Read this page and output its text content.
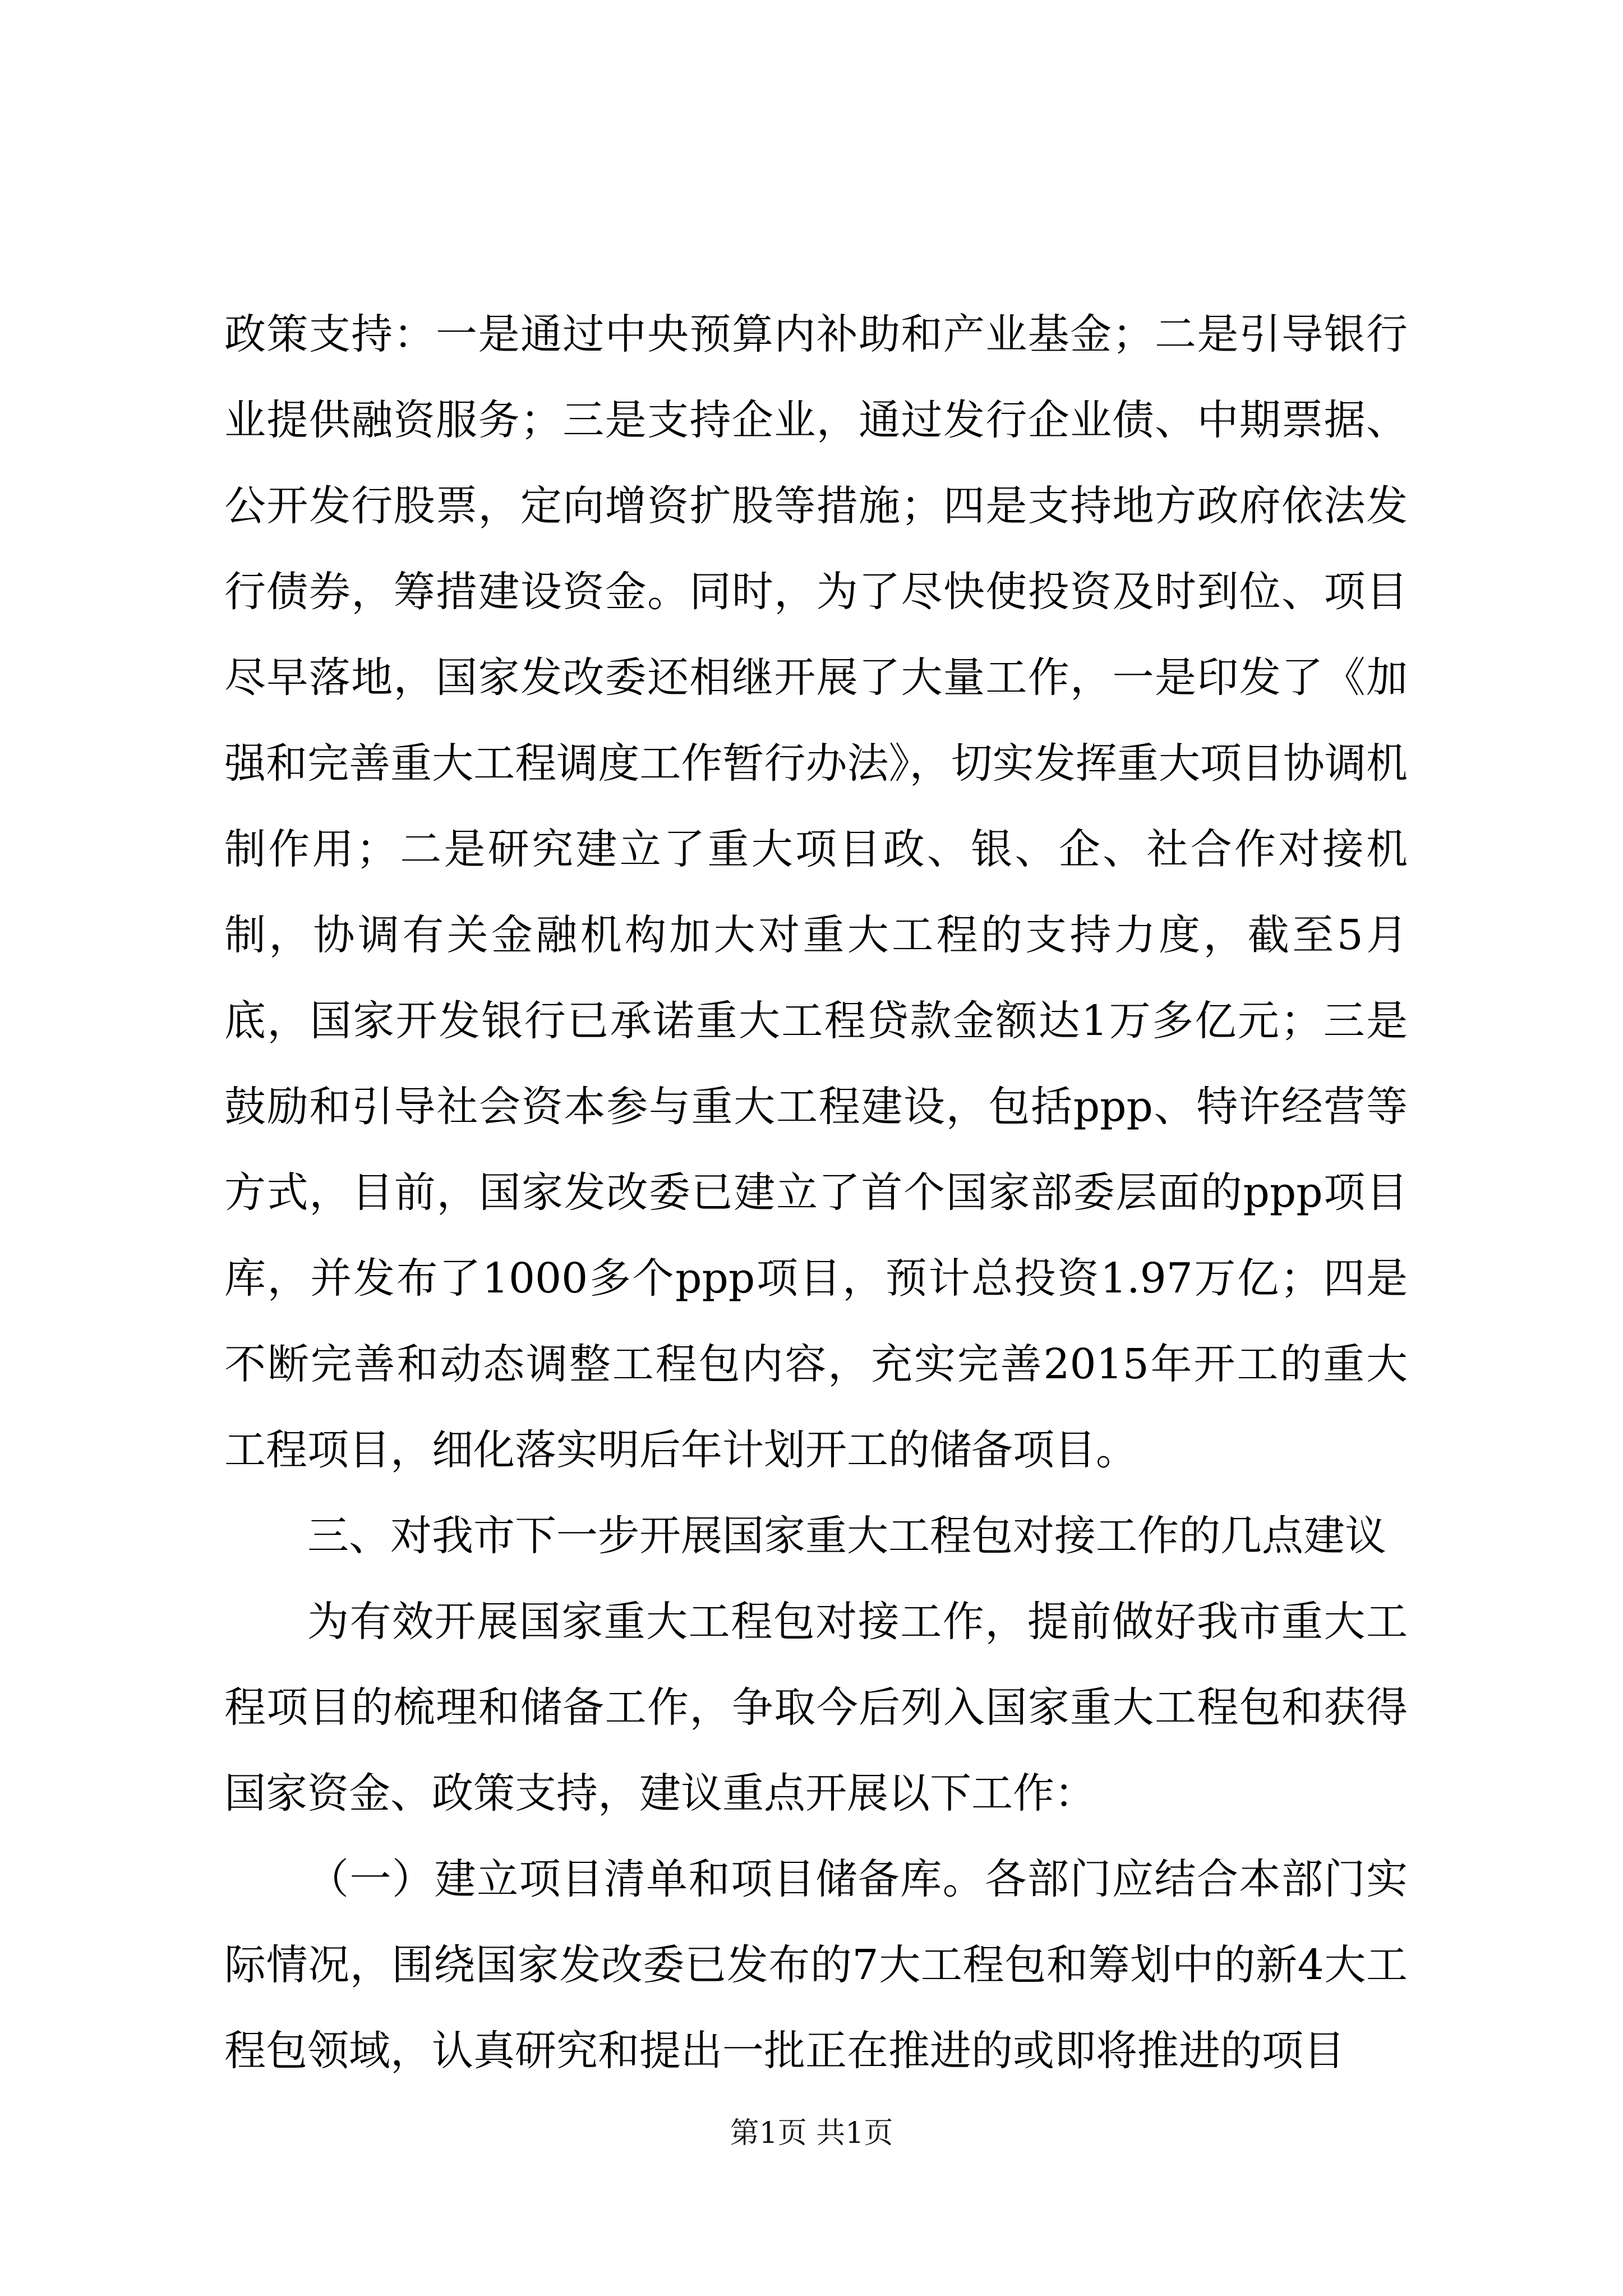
政策支持：一是通过中央预算内补助和产业基金；二是引导银行业提供融资服务；三是支持企业，通过发行企业债、中期票据、公开发行股票，定向增资扩股等措施；四是支持地方政府依法发行债券，筹措建设资金。同时，为了尽快使投资及时到位、项目尽早落地，国家发改委还相继开展了大量工作，一是印发了《加强和完善重大工程调度工作暂行办法》，切实发挥重大项目协调机制作用；二是研究建立了重大项目政、银、企、社合作对接机制，协调有关金融机构加大对重大工程的支持力度，截至5月底，国家开发银行已承诺重大工程贷款金额达1万多亿元；三是鼓励和引导社会资本参与重大工程建设，包括ppp、特许经营等方式，目前，国家发改委已建立了首个国家部委层面的ppp项目库，并发布了1000多个ppp项目，预计总投资1.97万亿；四是不断完善和动态调整工程包内容，充实完善2015年开工的重大工程项目，细化落实明后年计划开工的储备项目。

三、对我市下一步开展国家重大工程包对接工作的几点建议

为有效开展国家重大工程包对接工作，提前做好我市重大工程项目的梳理和储备工作，争取今后列入国家重大工程包和获得国家资金、政策支持，建议重点开展以下工作：

（一）建立项目清单和项目储备库。各部门应结合本部门实际情况，围绕国家发改委已发布的7大工程包和筹划中的新4大工程包领域，认真研究和提出一批正在推进的或即将推进的项目

第1页 共1页
